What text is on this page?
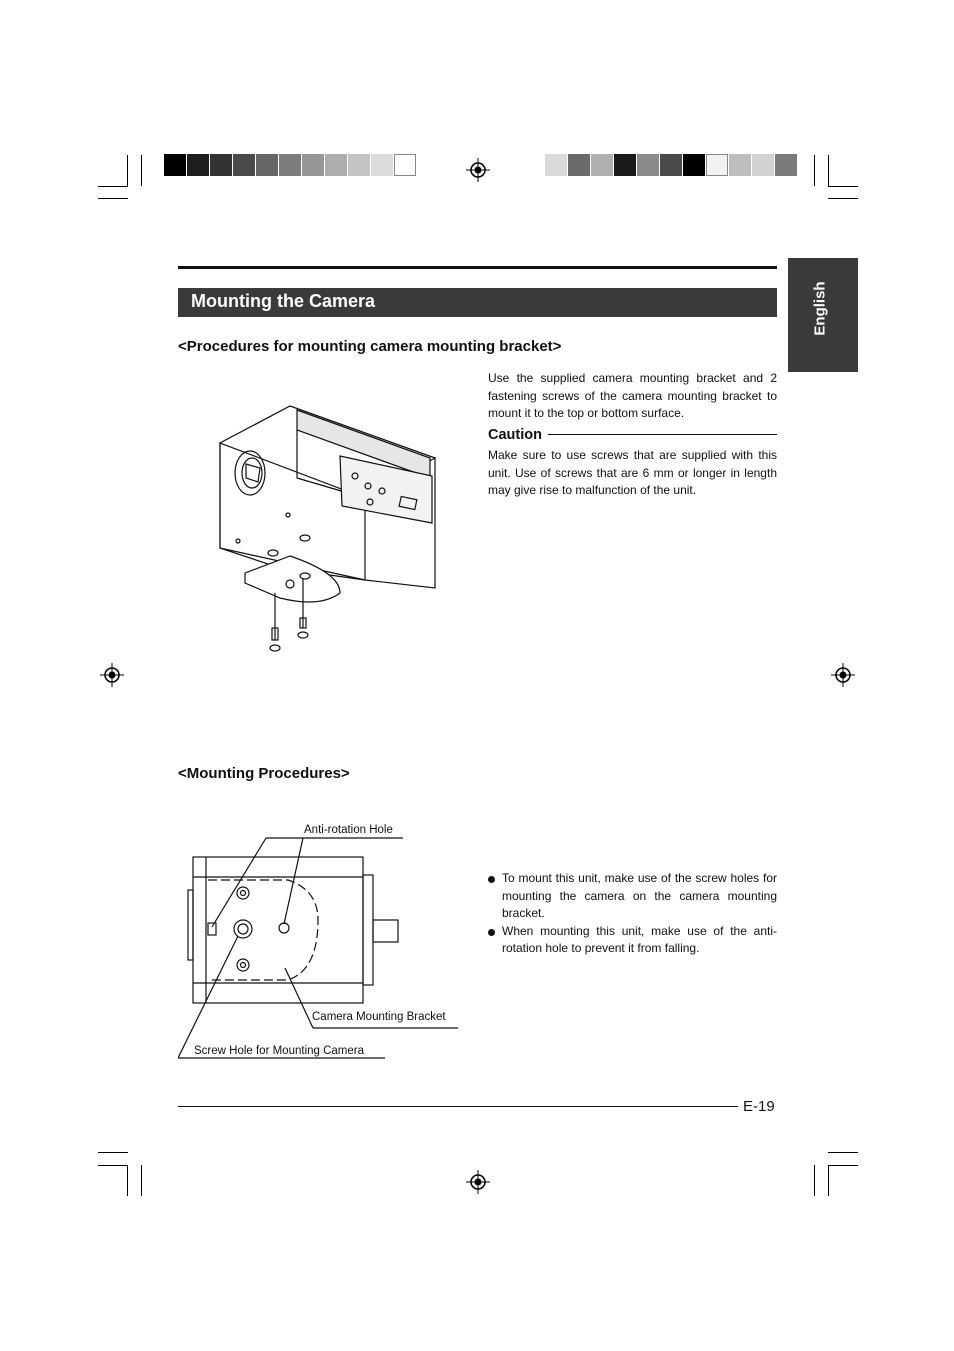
English
Mounting the Camera
<Procedures for mounting camera mounting bracket>

Use the supplied camera mounting bracket and 2 fastening screws of the camera mounting bracket to mount it to the top or bottom surface.

Caution

Make sure to use screws that are supplied with this unit. Use of screws that are 6 mm or longer in length may give rise to malfunction of the unit.

<Mounting Procedures>
Anti-rotation Hole
Camera Mounting Bracket
Screw Hole for Mounting Camera
To mount this unit, make use of the screw holes for mounting the camera on the camera mounting bracket.
When mounting this unit, make use of the anti-rotation hole to prevent it from falling.
E-19
